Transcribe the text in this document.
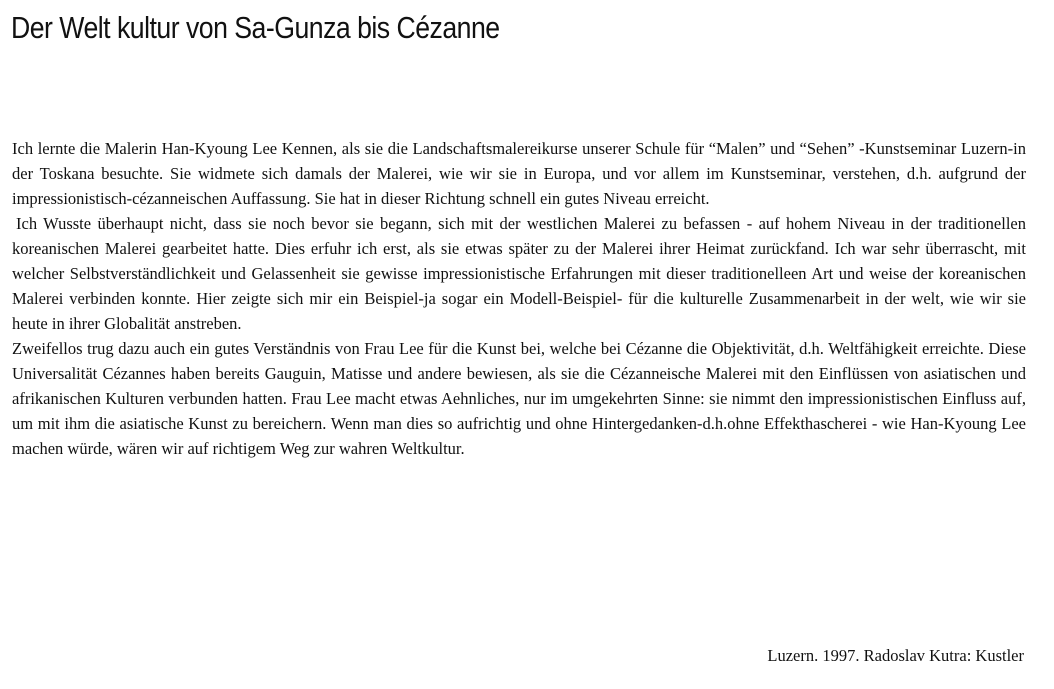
Der Welt kultur von Sa-Gunza bis Cézanne

Ich lernte die Malerin Han-Kyoung Lee Kennen, als sie die Landschaftsmalereikurse unserer Schule für “Malen” und “Sehen” -Kunstseminar Luzern-in der Toskana besuchte. Sie widmete sich damals der Malerei, wie wir sie in Europa, und vor allem im Kunstseminar, verstehen, d.h. aufgrund der impressionistisch-cézanneischen Auffassung. Sie hat in dieser Richtung schnell ein gutes Niveau erreicht.

Ich Wusste überhaupt nicht, dass sie noch bevor sie begann, sich mit der westlichen Malerei zu befassen - auf hohem Niveau in der traditionellen koreanischen Malerei gearbeitet hatte. Dies erfuhr ich erst, als sie etwas später zu der Malerei ihrer Heimat zurückfand. Ich war sehr überrascht, mit welcher Selbstverständlichkeit und Gelassenheit sie gewisse impressionistische Erfahrungen mit dieser traditionelleen Art und weise der koreanischen Malerei verbinden konnte. Hier zeigte sich mir ein Beispiel-ja sogar ein Modell-Beispiel- für die kulturelle Zusammenarbeit in der welt, wie wir sie heute in ihrer Globalität anstreben.

Zweifellos trug dazu auch ein gutes Verständnis von Frau Lee für die Kunst bei, welche bei Cézanne die Objektivität, d.h. Weltfähigkeit erreichte. Diese Universalität Cézannes haben bereits Gauguin, Matisse und andere bewiesen, als sie die Cézanneische Malerei mit den Einflüssen von asiatischen und afrikanischen Kulturen verbunden hatten. Frau Lee macht etwas Aehnliches, nur im umgekehrten Sinne: sie nimmt den impressionistischen Einfluss auf, um mit ihm die asiatische Kunst zu bereichern. Wenn man dies so aufrichtig und ohne Hintergedanken-d.h.ohne Effekthascherei - wie Han-Kyoung Lee machen würde, wären wir auf richtigem Weg zur wahren Weltkultur.

Luzern. 1997. Radoslav Kutra: Kustler
